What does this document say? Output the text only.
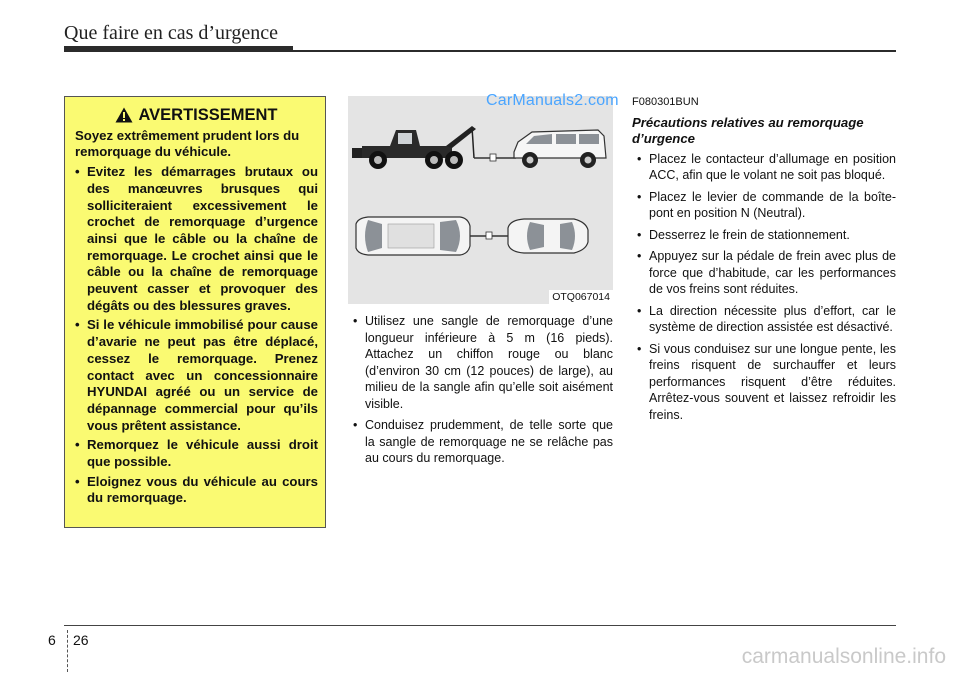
Que faire en cas d’urgence
AVERTISSEMENT
Soyez extrêmement prudent lors du remorquage du véhicule.
• Evitez les démarrages brutaux ou des manœuvres brusques qui solliciteraient excessivement le crochet de remorquage d’urgence ainsi que le câble ou la chaîne de remorquage. Le crochet ainsi que le câble ou la chaîne de remorquage peuvent casser et provoquer des dégâts ou des blessures graves.
• Si le véhicule immobilisé pour cause d’avarie ne peut pas être déplacé, cessez le remorquage. Prenez contact avec un concessionnaire HYUNDAI agréé ou un service de dépannage commercial pour qu’ils vous prêtent assistance.
• Remorquez le véhicule aussi droit que possible.
• Eloignez vous du véhicule au cours du remorquage.
OTQ067014
CarManuals2.com
• Utilisez une sangle de remorquage d’une longueur inférieure à 5 m (16 pieds). Attachez un chiffon rouge ou blanc (d’environ 30 cm (12 pouces) de large), au milieu de la sangle afin qu’elle soit aisément visible.
• Conduisez prudemment, de telle sorte que la sangle de remorquage ne se relâche pas au cours du remorquage.
F080301BUN
Précautions relatives au remorquage d’urgence
• Placez le contacteur d’allumage en position ACC, afin que le volant ne soit pas bloqué.
• Placez le levier de commande de la boîte-pont en position N (Neutral).
• Desserrez le frein de stationnement.
• Appuyez sur la pédale de frein avec plus de force que d’habitude, car les performances de vos freins sont réduites.
• La direction nécessite plus d’effort, car le système de direction assistée est désactivé.
• Si vous conduisez sur une longue pente, les freins risquent de surchauffer et leurs performances risquent d’être réduites. Arrêtez-vous souvent et laissez refroidir les freins.
6 26
carmanualsonline.info
